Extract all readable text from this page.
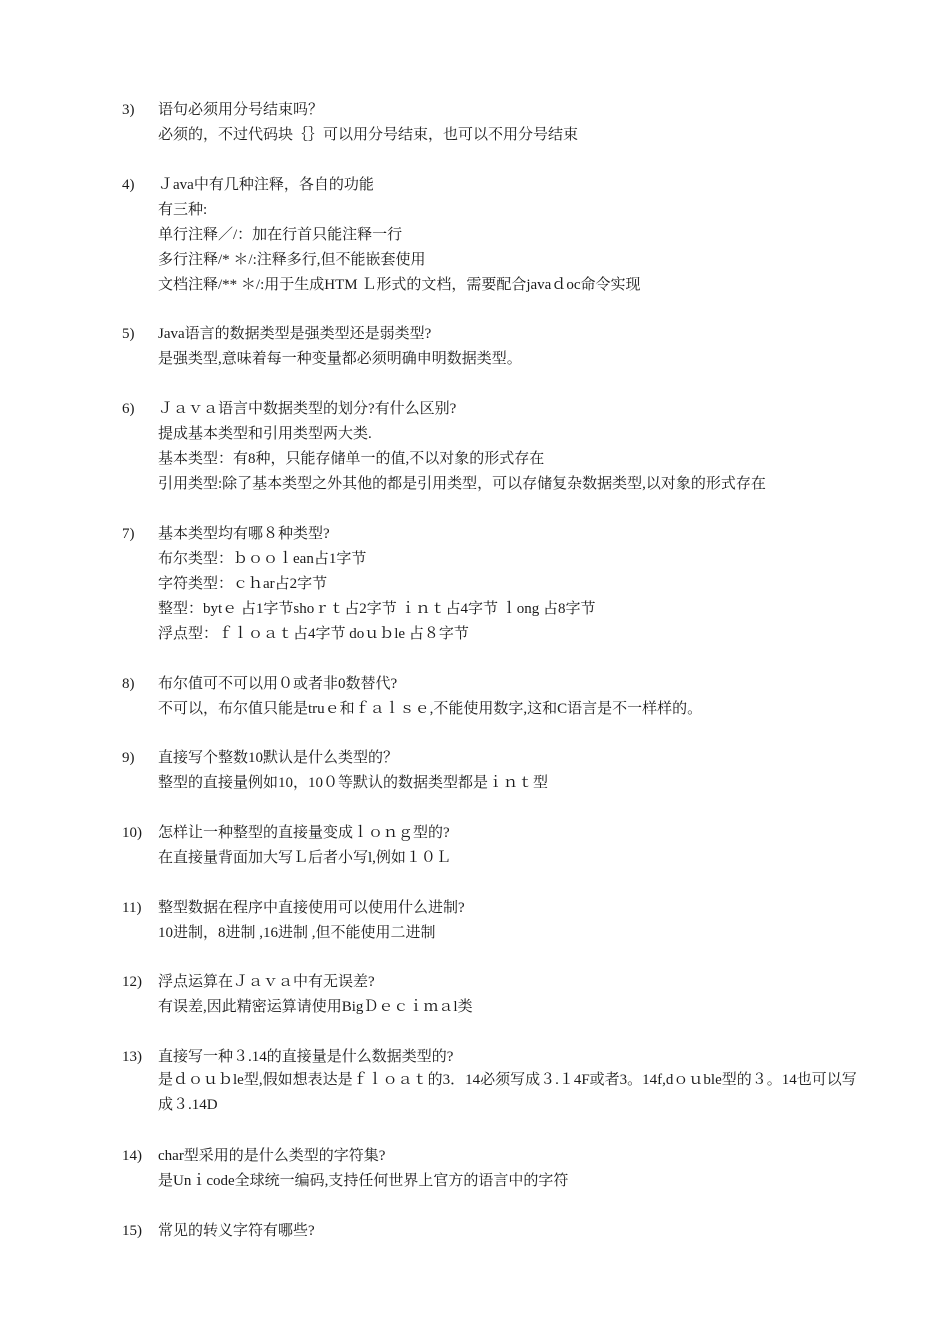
3) 语句必须用分号结束吗？
必须的，不过代码块｛｝可以用分号结束，也可以不用分号结束
4) Ｊava中有几种注释，各自的功能
有三种:
单行注释／/：加在行首只能注释一行
多行注释/* ＊/:注释多行,但不能嵌套使用
文档注释/** ＊/:用于生成HTM Ｌ形式的文档，需要配合javaｄoc命令实现
5) Java语言的数据类型是强类型还是弱类型?
是强类型,意味着每一种变量都必须明确申明数据类型。
6) Ｊａｖａ语言中数据类型的划分?有什么区别?
提成基本类型和引用类型两大类.
基本类型：有8种，只能存储单一的值,不以对象的形式存在
引用类型:除了基本类型之外其他的都是引用类型，可以存储复杂数据类型,以对象的形式存在
7) 基本类型均有哪８种类型?
布尔类型：ｂｏｏｌean占1字节
字符类型：ｃｈar占2字节
整型：bytｅ 占1字节shoｒｔ占2字节 ｉｎｔ占4字节 ｌong 占8字节
浮点型：ｆｌｏａｔ占4字节 doｕｂle 占８字节
8) 布尔值可不可以用０或者非0数替代?
不可以，布尔值只能是truｅ和ｆａｌｓｅ,不能使用数字,这和C语言是不一样样的。
9) 直接写个整数10默认是什么类型的？
整型的直接量例如10，10０等默认的数据类型都是ｉｎｔ型
10) 怎样让一种整型的直接量变成ｌｏｎｇ型的?
在直接量背面加大写Ｌ后者小写l,例如１０Ｌ
11) 整型数据在程序中直接使用可以使用什么进制?
10进制，8进制 ,16进制 ,但不能使用二进制
12) 浮点运算在Ｊａｖａ中有无误差?
有误差,因此精密运算请使用BigＤｅｃｉｍａl类
13) 直接写一种３.14的直接量是什么数据类型的?
是ｄｏｕｂle型,假如想表达是ｆｌｏａｔ的3．14必须写成３.１4F或者3。14f,dｏｕble型的３。14也可以写成３.14D
14) char型采用的是什么类型的字符集?
是Unｉcode全球统一编码,支持任何世界上官方的语言中的字符
15) 常见的转义字符有哪些?
